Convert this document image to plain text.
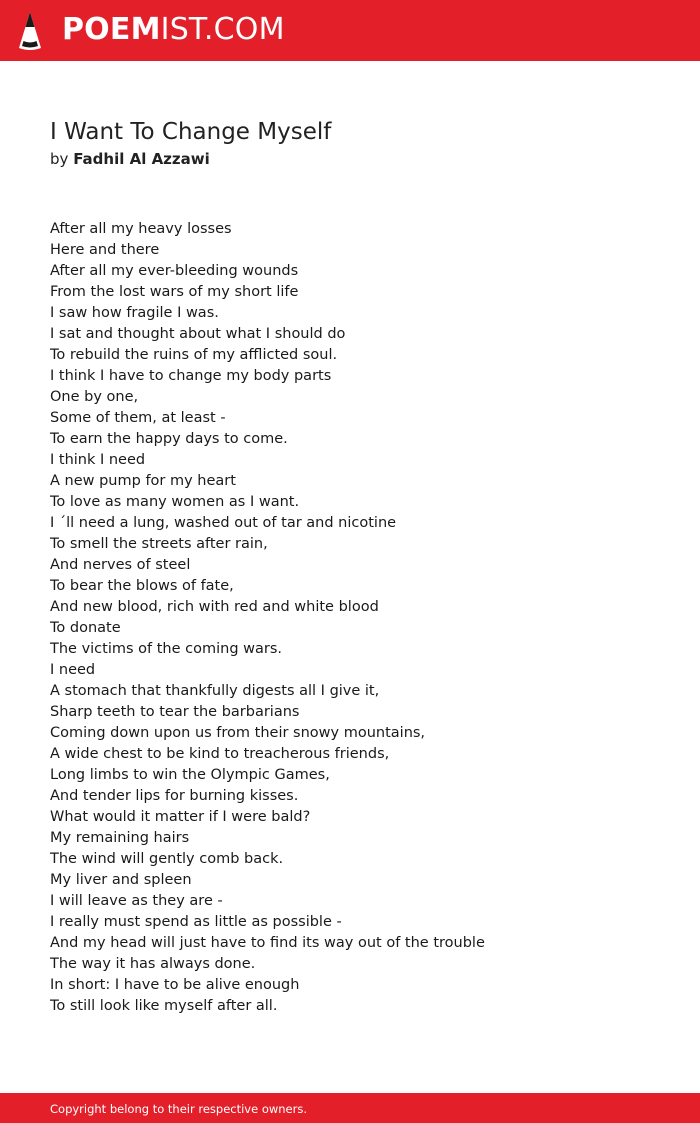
POEMIST.COM
I Want To Change Myself
by Fadhil Al Azzawi
After all my heavy losses
Here and there
After all my ever-bleeding wounds
From the lost wars of my short life
I saw how fragile I was.
I sat and thought about what I should do
To rebuild the ruins of my afflicted soul.
I think I have to change my body parts
One by one,
Some of them, at least -
To earn the happy days to come.
I think I need
A new pump for my heart
To love as many women as I want.
I ´ll need a lung, washed out of tar and nicotine
To smell the streets after rain,
And nerves of steel
To bear the blows of fate,
And new blood, rich with red and white blood
To donate
The victims of the coming wars.
I need
A stomach that thankfully digests all I give it,
Sharp teeth to tear the barbarians
Coming down upon us from their snowy mountains,
A wide chest to be kind to treacherous friends,
Long limbs to win the Olympic Games,
And tender lips for burning kisses.
What would it matter if I were bald?
My remaining hairs
The wind will gently comb back.
My liver and spleen
I will leave as they are -
I really must spend as little as possible -
And my head will just have to find its way out of the trouble
The way it has always done.
In short: I have to be alive enough
To still look like myself after all.
Copyright belong to their respective owners.
